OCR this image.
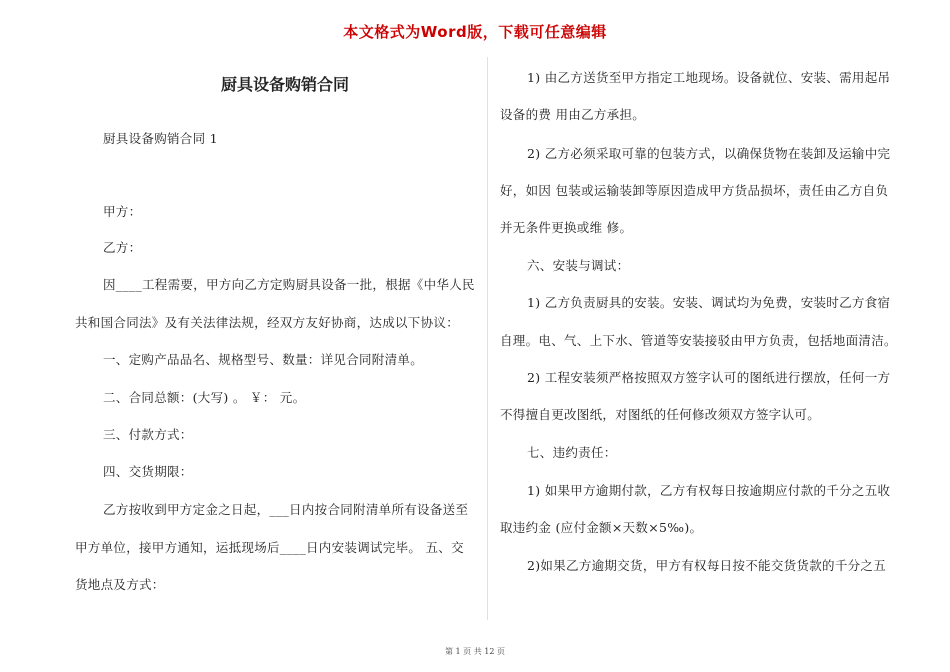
本文格式为Word版，下载可任意编辑
厨具设备购销合同

厨具设备购销合同 1

甲方：

乙方：

因____工程需要，甲方向乙方定购厨具设备一批，根据《中华人民

共和国合同法》及有关法律法规，经双方友好协商，达成以下协议：

一、定购产品品名、规格型号、数量：详见合同附清单。

二、合同总额：(大写) 。 ￥： 元。

三、付款方式：

四、交货期限：

乙方按收到甲方定金之日起，___日内按合同附清单所有设备送至

甲方单位，接甲方通知，运抵现场后____日内安装调试完毕。 五、交

货地点及方式：

1) 由乙方送货至甲方指定工地现场。设备就位、安装、需用起吊

设备的费 用由乙方承担。

2) 乙方必须采取可靠的包装方式，以确保货物在装卸及运输中完

好，如因 包装或运输装卸等原因造成甲方货品损坏，责任由乙方自负

并无条件更换或维 修。

六、安装与调试：

1) 乙方负责厨具的安装。安装、调试均为免费，安装时乙方食宿

自理。电、气、上下水、管道等安装接驳由甲方负责，包括地面清洁。

2) 工程安装须严格按照双方签字认可的图纸进行摆放，任何一方

不得擅自更改图纸，对图纸的任何修改须双方签字认可。

七、违约责任：

1) 如果甲方逾期付款，乙方有权每日按逾期应付款的千分之五收

取违约金 (应付金额×天数×5‰)。

2)如果乙方逾期交货，甲方有权每日按不能交货货款的千分之五

第 1 页 共 12 页
